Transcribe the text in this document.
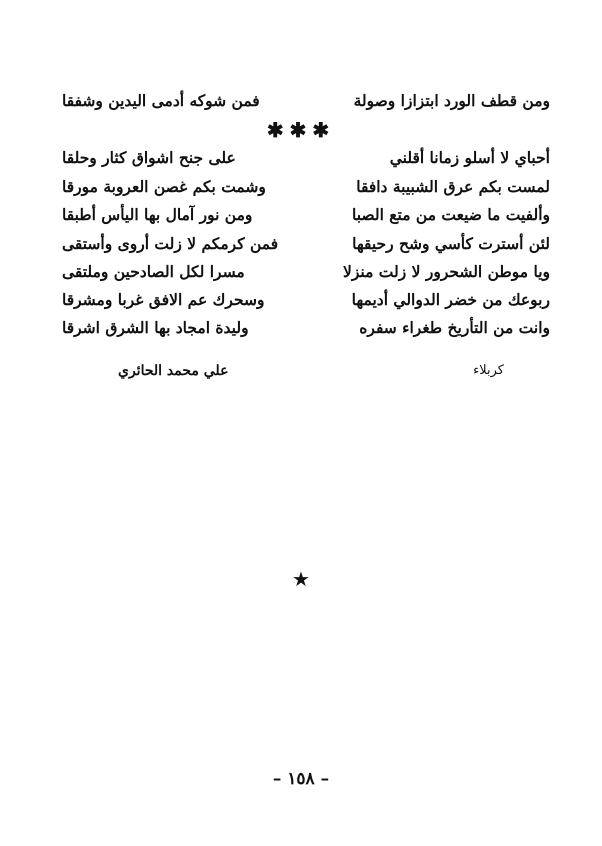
ومن قطف الورد ابتزازا وصولة
فمن شوكه أدمى اليدين وشفقا
✱✱✱
أحباي لا أسلو زمانا أقلني
على جنح اشواق كثار وحلقا
لمست بكم عرق الشبيبة دافقا
وشمت بكم غصن العروبة مورقا
وألفيت ما ضيعت من متع الصبا
ومن نور آمال بها اليأس أطبقا
لئن أسترت كأسي وشح رحيقها
فمن كرمكم لا زلت أروى وأستقى
ويا موطن الشحرور لا زلت منزلا
مسرا لكل الصادحين وملتقى
ربوعك من خضر الدوالي أديمها
وسحرك عم الافق غربا ومشرقا
وانت من التأريخ طغراء سفره
وليدة امجاد بها الشرق اشرقا
كربلاء
علي محمد الحائري
★
– ١٥٨ –
